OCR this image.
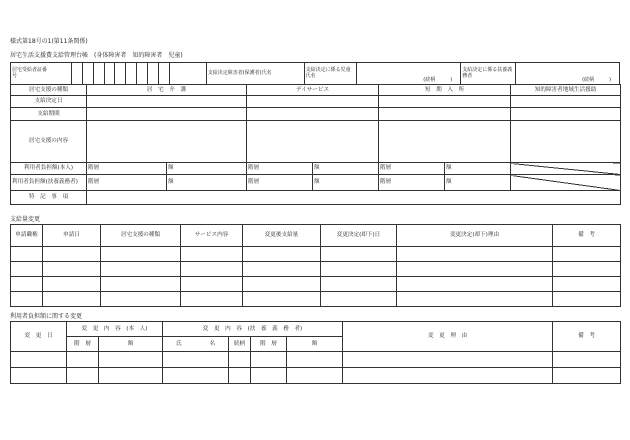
様式第18号の1(第11条関係)
居宅生活支援費支給管理台帳　(身体障害者　知的障害者　児童)
居宅受給者証番　　　　号											支給決定障害者(保護者)氏名	支給決定に係る児童氏名	(続柄　　　)	支給決定に係る扶養義務者	(続柄　　　)
居宅支援の種類	居　宅　介　護		デイサービス		短　期　入　所		知的障害者地域生活援助
支給決定日							
支給期間							
居宅支援の内容							
利用者負担額(本人)	階層	額	階層	額	階層	額	
利用者負担額(扶養義務者)	階層	額	階層	額	階層	額	
特　記　事　項							
支給量変更
申請職権	申請日	居宅支援の種類	サービス内容	変更後支給量	変更決定(却下)日	変更決定(却下)理由	備　考

利用者負担額に関する変更
変　更　日	変　更　内　容　(本　人)		変　更　内　容　(扶　養　義　務　者)				変　更　理　由	備　考
	階　層	額	氏　　　　　名	続柄	階　層	額		
